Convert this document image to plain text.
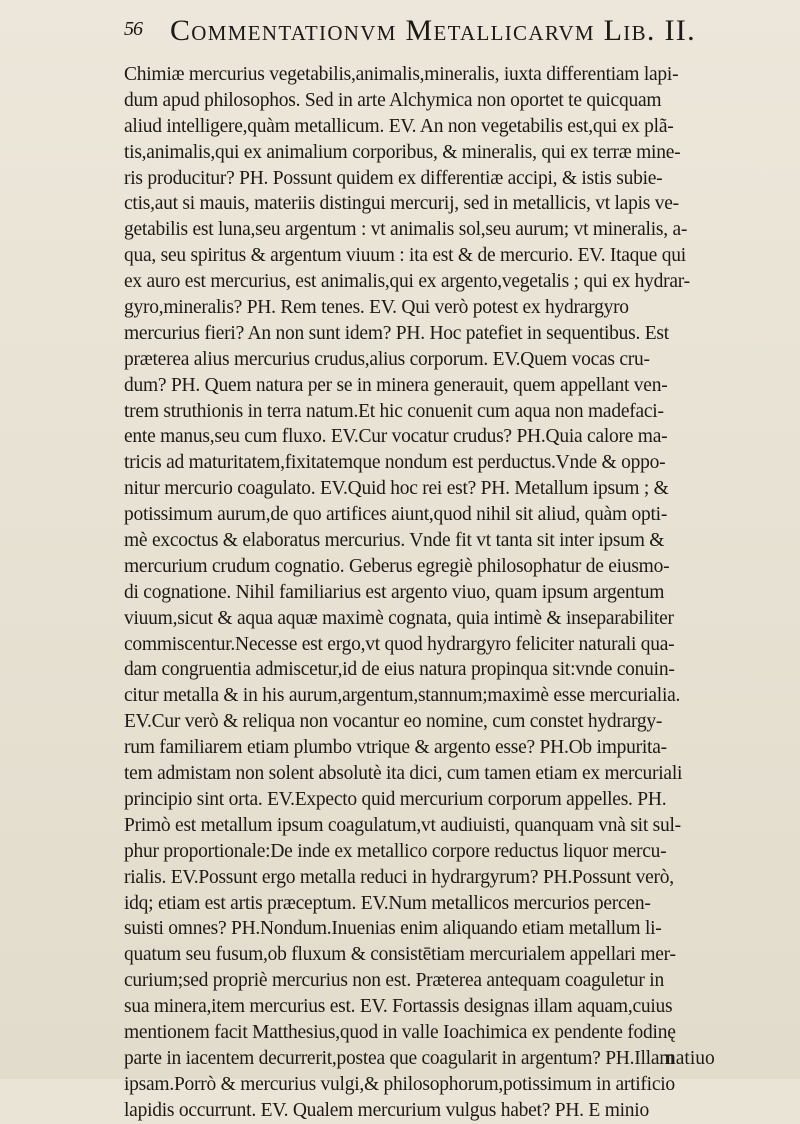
56 Commentationvm Metallicarvm Lib. II.
Chimiæ mercurius vegetabilis,animalis,mineralis, iuxta differentiam lapi-
dum apud philosophos. Sed in arte Alchymica non oportet te quicquam
aliud intelligere,quàm metallicum. EV. An non vegetabilis est,qui ex plã-
tis,animalis,qui ex animalium corporibus, & mineralis, qui ex terræ mine-
ris producitur? PH. Possunt quidem ex differentiæ accipi, & istis subie-
ctis,aut si mauis, materiis distingui mercurij, sed in metallicis, vt lapis ve-
getabilis est luna,seu argentum : vt animalis sol,seu aurum; vt mineralis, a-
qua, seu spiritus & argentum viuum : ita est & de mercurio. EV. Itaque qui
ex auro est mercurius, est animalis,qui ex argento,vegetalis ; qui ex hydrar-
gyro,mineralis? PH. Rem tenes. EV. Qui verò potest ex hydrargyro
mercurius fieri? An non sunt idem? PH. Hoc patefiet in sequentibus. Est
præterea alius mercurius crudus,alius corporum. EV.Quem vocas cru-
dum? PH. Quem natura per se in minera generauit, quem appellant ven-
trem struthionis in terra natum.Et hic conuenit cum aqua non madefaci-
ente manus,seu cum fluxo. EV.Cur vocatur crudus? PH.Quia calore ma-
tricis ad maturitatem,fixitatemque nondum est perductus.Vnde & oppo-
nitur mercurio coagulato. EV.Quid hoc rei est? PH. Metallum ipsum ; &
potissimum aurum,de quo artifices aiunt,quod nihil sit aliud, quàm opti-
mè excoctus & elaboratus mercurius. Vnde fit vt tanta sit inter ipsum &
mercurium crudum cognatio. Geberus egregiè philosophatur de eiusmo-
di cognatione. Nihil familiarius est argento viuo, quam ipsum argentum
viuum,sicut & aqua aquæ maximè cognata, quia intimè & inseparabiliter
commiscentur.Necesse est ergo,vt quod hydrargyro feliciter naturali qua-
dam congruentia admiscetur,id de eius natura propinqua sit:vnde conuin-
citur metalla & in his aurum,argentum,stannum;maximè esse mercurialia.
EV.Cur verò & reliqua non vocantur eo nomine, cum constet hydrargy-
rum familiarem etiam plumbo vtrique & argento esse? PH.Ob impurita-
tem admistam non solent absolutè ita dici, cum tamen etiam ex mercuriali
principio sint orta. EV.Expecto quid mercurium corporum appelles. PH.
Primò est metallum ipsum coagulatum,vt audiuisti, quanquam vnà sit sul-
phur proportionale:De inde ex metallico corpore reductus liquor mercu-
rialis. EV.Possunt ergo metalla reduci in hydrargyrum? PH.Possunt verò,
idq; etiam est artis præceptum. EV.Num metallicos mercurios percen-
suisti omnes? PH.Nondum.Inuenias enim aliquando etiam metallum li-
quatum seu fusum,ob fluxum & consistētiam mercurialem appellari mer-
curium;sed propriè mercurius non est. Præterea antequam coaguletur in
sua minera,item mercurius est. EV. Fortassis designas illam aquam,cuius
mentionem facit Matthesius,quod in valle Ioachimica ex pendente fodinę
parte in iacentem decurrerit,postea que coagularit in argentum? PH.Illam
ipsam.Porrò & mercurius vulgi,& philosophorum,potissimum in artificio
lapidis occurrunt. EV. Qualem mercurium vulgus habet? PH. E minio
natiuo
